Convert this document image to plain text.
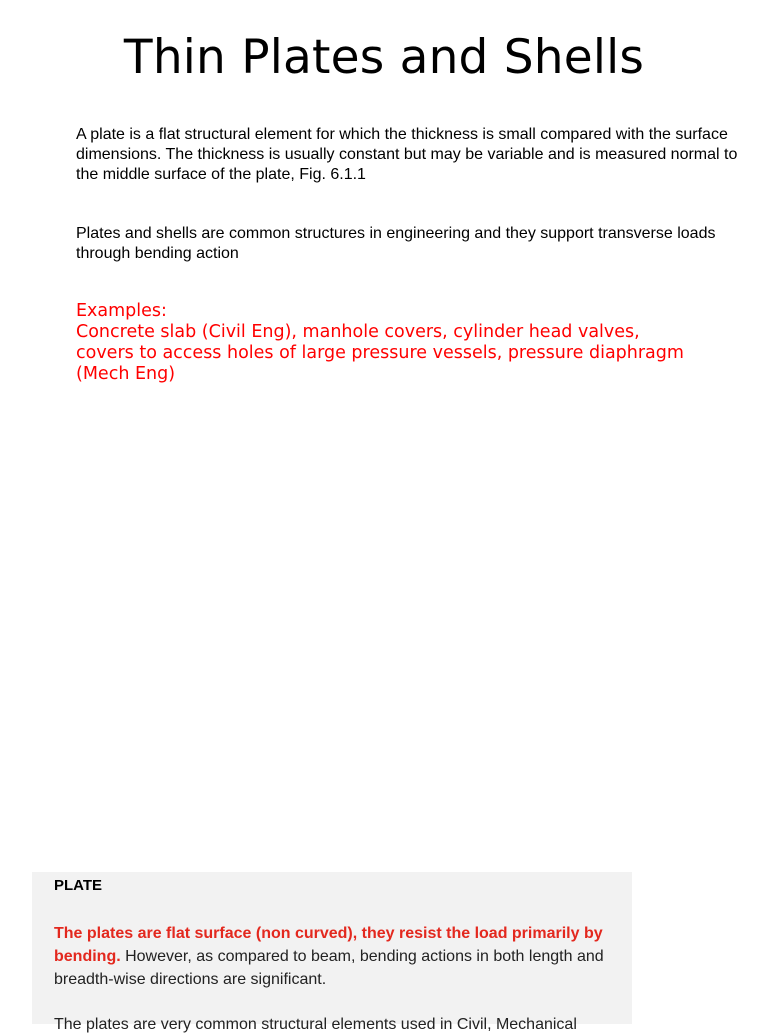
Thin Plates and Shells

A plate is a flat structural element for which the thickness is small compared with the surface dimensions. The thickness is usually constant but may be variable and is measured normal to the middle surface of the plate, Fig. 6.1.1

Plates and shells are common structures in engineering and they support transverse loads through bending action

Examples:
Concrete slab (Civil Eng), manhole covers, cylinder head valves,
covers to access holes of large pressure vessels, pressure diaphragm
(Mech Eng)
PLATE

The plates are flat surface (non curved), they resist the load primarily by bending. However, as compared to beam, bending actions in both length and breadth-wise directions are significant.

The plates are very common structural elements used in Civil, Mechanical
